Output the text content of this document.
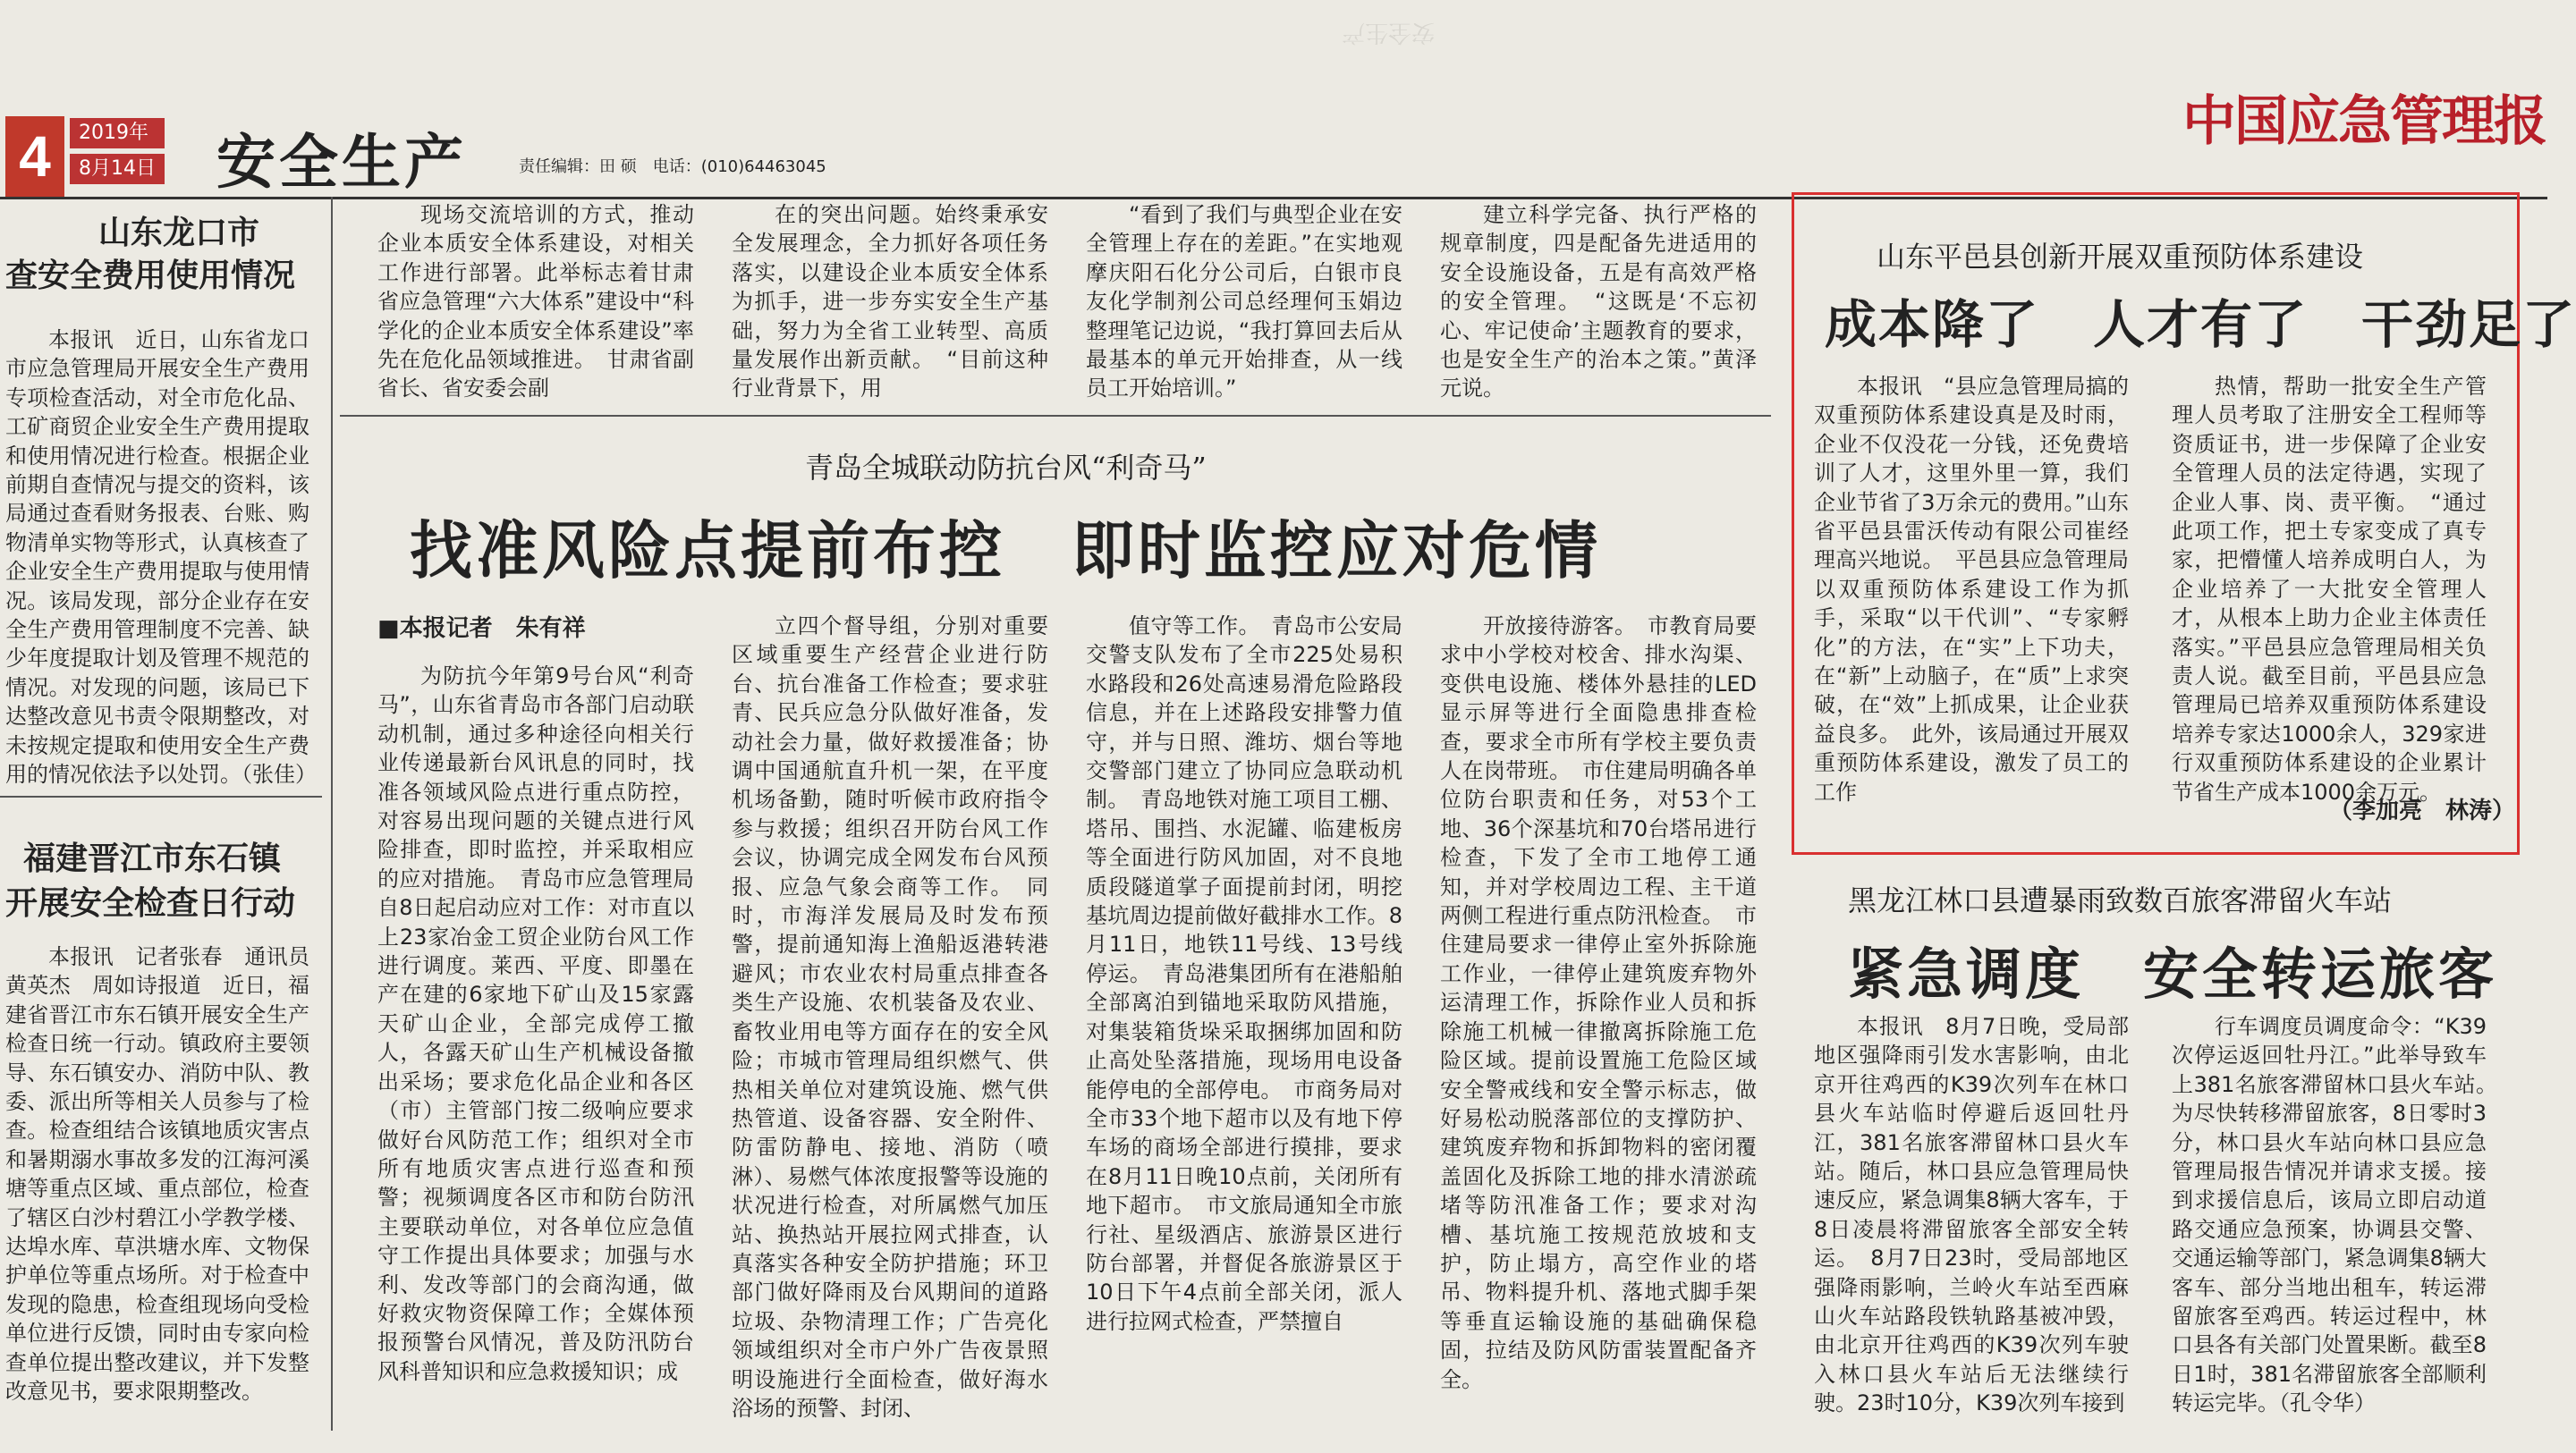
安全生产
4	2019年
8月14日 安全生产	责任编辑：田 硕　电话：(010)64463045
中国应急管理报
山东龙口市
查安全费用使用情况

本报讯　近日，山东省龙口市应急管理局开展安全生产费用专项检查活动，对全市危化品、工矿商贸企业安全生产费用提取和使用情况进行检查。根据企业前期自查情况与提交的资料，该局通过查看财务报表、台账、购物清单实物等形式，认真核查了企业安全生产费用提取与使用情况。该局发现，部分企业存在安全生产费用管理制度不完善、缺少年度提取计划及管理不规范的情况。对发现的问题，该局已下达整改意见书责令限期整改，对未按规定提取和使用安全生产费用的情况依法予以处罚。（张佳）

福建晋江市东石镇
开展安全检查日行动

本报讯　记者张春　通讯员黄英杰　周如诗报道　近日，福建省晋江市东石镇开展安全生产检查日统一行动。镇政府主要领导、东石镇安办、消防中队、教委、派出所等相关人员参与了检查。检查组结合该镇地质灾害点和暑期溺水事故多发的江海河溪塘等重点区域、重点部位，检查了辖区白沙村碧江小学教学楼、达埠水库、草洪塘水库、文物保护单位等重点场所。对于检查中发现的隐患，检查组现场向受检单位进行反馈，同时由专家向检查单位提出整改建议，并下发整改意见书，要求限期整改。

现场交流培训的方式，推动企业本质安全体系建设，对相关工作进行部署。此举标志着甘肃省应急管理“六大体系”建设中“科学化的企业本质安全体系建设”率先在危化品领域推进。　甘肃省副省长、省安委会副

在的突出问题。始终秉承安全发展理念，全力抓好各项任务落实，以建设企业本质安全体系为抓手，进一步夯实安全生产基础，努力为全省工业转型、高质量发展作出新贡献。　“目前这种行业背景下，用

“看到了我们与典型企业在安全管理上存在的差距。”在实地观摩庆阳石化分公司后，白银市良友化学制剂公司总经理何玉娟边整理笔记边说，“我打算回去后从最基本的单元开始排查，从一线员工开始培训。”

建立科学完备、执行严格的规章制度，四是配备先进适用的安全设施设备，五是有高效严格的安全管理。　“这既是‘不忘初心、牢记使命’主题教育的要求，也是安全生产的治本之策。”黄泽元说。

青岛全城联动防抗台风“利奇马”
找准风险点提前布控　即时监控应对危情
■本报记者　朱有祥

为防抗今年第9号台风“利奇马”，山东省青岛市各部门启动联动机制，通过多种途径向相关行业传递最新台风讯息的同时，找准各领域风险点进行重点防控，对容易出现问题的关键点进行风险排查，即时监控，并采取相应的应对措施。　青岛市应急管理局自8日起启动应对工作：对市直以上23家冶金工贸企业防台风工作进行调度。莱西、平度、即墨在产在建的6家地下矿山及15家露天矿山企业，全部完成停工撤人，各露天矿山生产机械设备撤出采场；要求危化品企业和各区（市）主管部门按二级响应要求做好台风防范工作；组织对全市所有地质灾害点进行巡查和预警；视频调度各区市和防台防汛主要联动单位，对各单位应急值守工作提出具体要求；加强与水利、发改等部门的会商沟通，做好救灾物资保障工作；全媒体预报预警台风情况，普及防汛防台风科普知识和应急救援知识；成

立四个督导组，分别对重要区域重要生产经营企业进行防台、抗台准备工作检查；要求驻青、民兵应急分队做好准备，发动社会力量，做好救援准备；协调中国通航直升机一架，在平度机场备勤，随时听候市政府指令参与救援；组织召开防台风工作会议，协调完成全网发布台风预报、应急气象会商等工作。　同时，市海洋发展局及时发布预警，提前通知海上渔船返港转港避风；市农业农村局重点排查各类生产设施、农机装备及农业、畜牧业用电等方面存在的安全风险；市城市管理局组织燃气、供热相关单位对建筑设施、燃气供热管道、设备容器、安全附件、防雷防静电、接地、消防（喷淋）、易燃气体浓度报警等设施的状况进行检查，对所属燃气加压站、换热站开展拉网式排查，认真落实各种安全防护措施；环卫部门做好降雨及台风期间的道路垃圾、杂物清理工作；广告亮化领域组织对全市户外广告夜景照明设施进行全面检查，做好海水浴场的预警、封闭、

值守等工作。　青岛市公安局交警支队发布了全市225处易积水路段和26处高速易滑危险路段信息，并在上述路段安排警力值守，并与日照、潍坊、烟台等地交警部门建立了协同应急联动机制。　青岛地铁对施工项目工棚、塔吊、围挡、水泥罐、临建板房等全面进行防风加固，对不良地质段隧道掌子面提前封闭，明挖基坑周边提前做好截排水工作。8月11日，地铁11号线、13号线停运。　青岛港集团所有在港船舶全部离泊到锚地采取防风措施，对集装箱货垛采取捆绑加固和防止高处坠落措施，现场用电设备能停电的全部停电。　市商务局对全市33个地下超市以及有地下停车场的商场全部进行摸排，要求在8月11日晚10点前，关闭所有地下超市。　市文旅局通知全市旅行社、星级酒店、旅游景区进行防台部署，并督促各旅游景区于10日下午4点前全部关闭，派人进行拉网式检查，严禁擅自

开放接待游客。　市教育局要求中小学校对校舍、排水沟渠、变供电设施、楼体外悬挂的LED显示屏等进行全面隐患排查检查，要求全市所有学校主要负责人在岗带班。　市住建局明确各单位防台职责和任务，对53个工地、36个深基坑和70台塔吊进行检查，下发了全市工地停工通知，并对学校周边工程、主干道两侧工程进行重点防汛检查。　市住建局要求一律停止室外拆除施工作业，一律停止建筑废弃物外运清理工作，拆除作业人员和拆除施工机械一律撤离拆除施工危险区域。提前设置施工危险区域安全警戒线和安全警示标志，做好易松动脱落部位的支撑防护、建筑废弃物和拆卸物料的密闭覆盖固化及拆除工地的排水清淤疏堵等防汛准备工作；要求对沟槽、基坑施工按规范放坡和支护，防止塌方，高空作业的塔吊、物料提升机、落地式脚手架等垂直运输设施的基础确保稳固，拉结及防风防雷装置配备齐全。

山东平邑县创新开展双重预防体系建设
成本降了　人才有了　干劲足了

本报讯　“县应急管理局搞的双重预防体系建设真是及时雨，企业不仅没花一分钱，还免费培训了人才，这里外里一算，我们企业节省了3万余元的费用。”山东省平邑县雷沃传动有限公司崔经理高兴地说。　平邑县应急管理局以双重预防体系建设工作为抓手，采取“以干代训”、“专家孵化”的方法，在“实”上下功夫，在“新”上动脑子，在“质”上求突破，在“效”上抓成果，让企业获益良多。　此外，该局通过开展双重预防体系建设，激发了员工的工作

热情，帮助一批安全生产管理人员考取了注册安全工程师等资质证书，进一步保障了企业安全管理人员的法定待遇，实现了企业人事、岗、责平衡。　“通过此项工作，把土专家变成了真专家，把懵懂人培养成明白人，为企业培养了一大批安全管理人才，从根本上助力企业主体责任落实。”平邑县应急管理局相关负责人说。截至目前，平邑县应急管理局已培养双重预防体系建设培养专家达1000余人，329家进行双重预防体系建设的企业累计节省生产成本1000余万元。

（李加亮　林涛）
黑龙江林口县遭暴雨致数百旅客滞留火车站
紧急调度　安全转运旅客

本报讯　8月7日晚，受局部地区强降雨引发水害影响，由北京开往鸡西的K39次列车在林口县火车站临时停避后返回牡丹江，381名旅客滞留林口县火车站。随后，林口县应急管理局快速反应，紧急调集8辆大客车，于8日凌晨将滞留旅客全部安全转运。　8月7日23时，受局部地区强降雨影响，兰岭火车站至西麻山火车站路段铁轨路基被冲毁，由北京开往鸡西的K39次列车驶入林口县火车站后无法继续行驶。23时10分，K39次列车接到

行车调度员调度命令：“K39次停运返回牡丹江。”此举导致车上381名旅客滞留林口县火车站。　为尽快转移滞留旅客，8日零时3分，林口县火车站向林口县应急管理局报告情况并请求支援。接到求援信息后，该局立即启动道路交通应急预案，协调县交警、交通运输等部门，紧急调集8辆大客车、部分当地出租车，转运滞留旅客至鸡西。转运过程中，林口县各有关部门处置果断。截至8日1时，381名滞留旅客全部顺利转运完毕。（孔令华）
